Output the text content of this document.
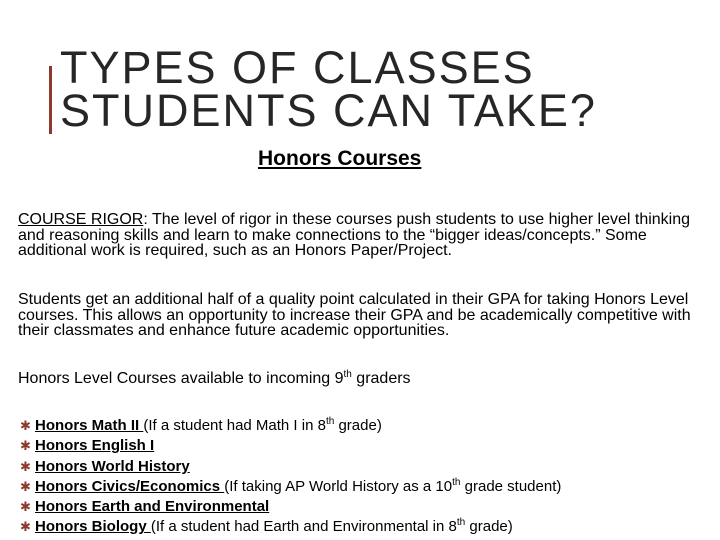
TYPES OF CLASSES
STUDENTS CAN TAKE?
Honors Courses
COURSE RIGOR: The level of rigor in these courses push students to use higher level thinking and reasoning skills and learn to make connections to the “bigger ideas/concepts.” Some additional work is required, such as an Honors Paper/Project.
Students get an additional half of a quality point calculated in their GPA for taking Honors Level courses. This allows an opportunity to increase their GPA and be academically competitive with their classmates and enhance future academic opportunities.
Honors Level Courses available to incoming 9th graders
✱ Honors Math II (If a student had Math I in 8th grade)
✱ Honors English I
✱ Honors World History
✱ Honors Civics/Economics (If taking AP World History as a 10th grade student)
✱ Honors Earth and Environmental
✱ Honors Biology (If a student had Earth and Environmental in 8th grade)
